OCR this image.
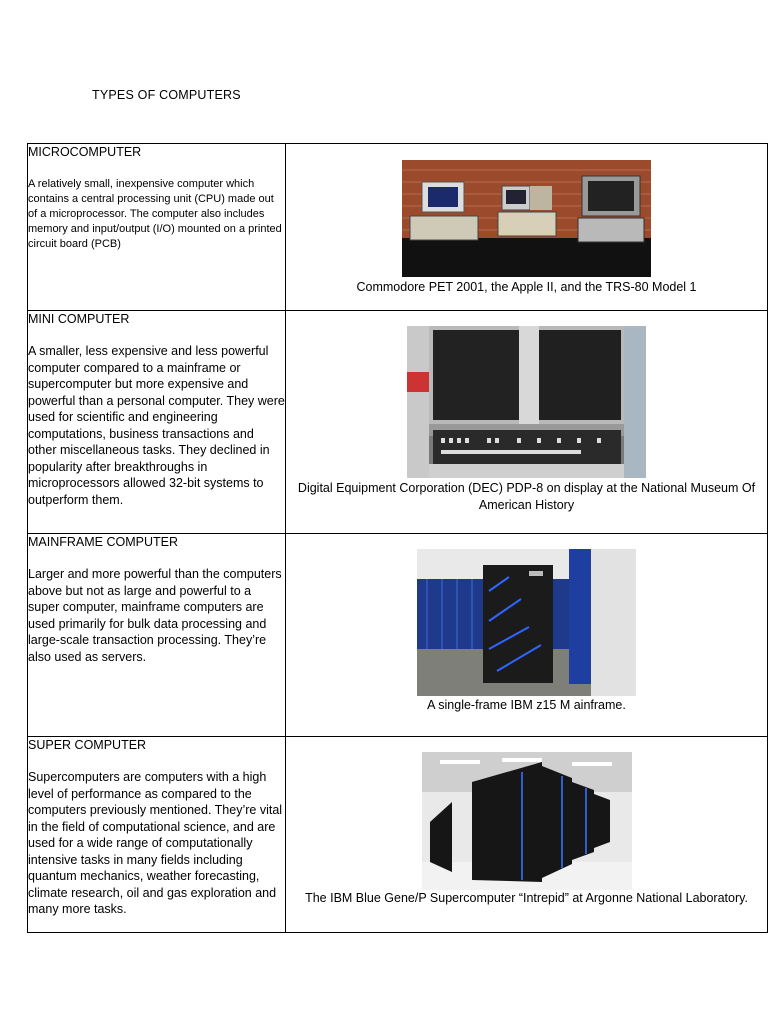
TYPES OF COMPUTERS
MICROCOMPUTER
A relatively small, inexpensive computer which contains a central processing unit (CPU) made out of a microprocessor. The computer also includes memory and input/output (I/O) mounted on a printed circuit board (PCB)	Commodore PET 2001, the Apple II, and the TRS-80 Model 1

MINI COMPUTER
A smaller, less expensive and less powerful computer compared to a mainframe or supercomputer but more expensive and powerful than a personal computer. They were used for scientific and engineering computations, business transactions and other miscellaneous tasks. They declined in popularity after breakthroughs in microprocessors allowed 32-bit systems to outperform them.	Digital Equipment Corporation (DEC) PDP-8 on display at the National Museum Of American History

MAINFRAME COMPUTER
Larger and more powerful than the computers above but not as large and powerful to a super computer, mainframe computers are used primarily for bulk data processing and large-scale transaction processing. They’re also used as servers.	A single-frame IBM z15 M ainframe.

SUPER COMPUTER
Supercomputers are computers with a high level of performance as compared to the computers previously mentioned. They’re vital in the field of computational science, and are used for a wide range of computationally intensive tasks in many fields including quantum mechanics, weather forecasting, climate research, oil and gas exploration and many more tasks.	The IBM Blue Gene/P Supercomputer “Intrepid” at Argonne National Laboratory.
